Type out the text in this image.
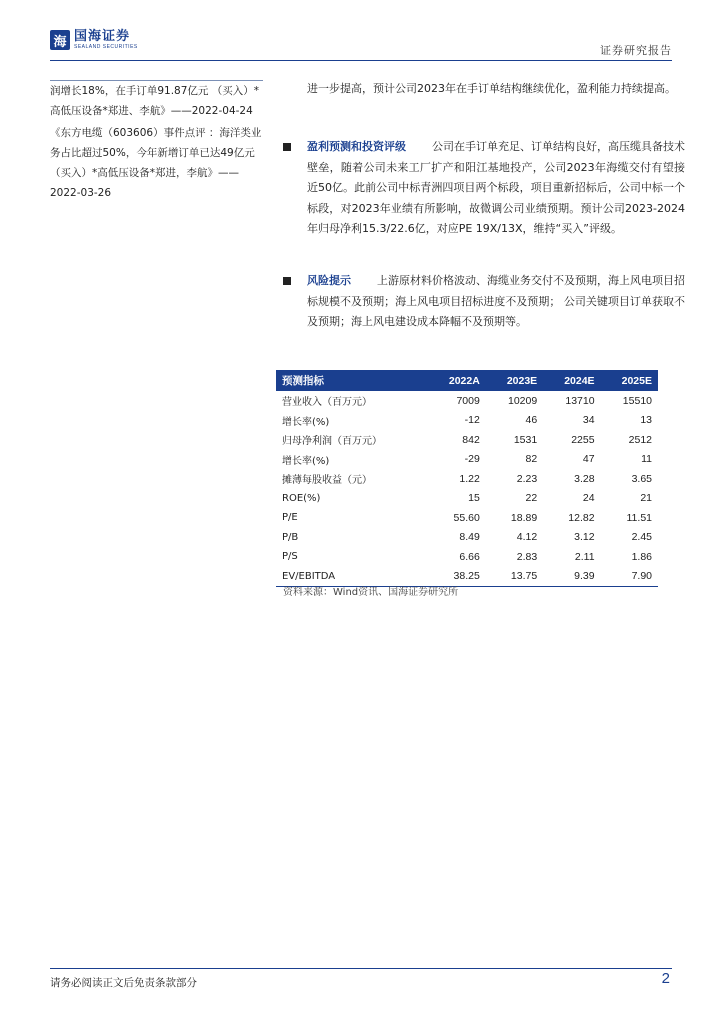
海 国海证券
SEALAND SECURITIES	证券研究报告
润增长18%，在手订单91.87亿元 （买入）*高低压设备*郑进、李航》——2022-04-24
《东方电缆（603606）事件点评 ：海洋类业务占比超过50%，今年新增订单已达49亿元 （买入）*高低压设备*郑进，李航》——2022-03-26
进一步提高，预计公司2023年在手订单结构继续优化，盈利能力持续提高。
盈利预测和投资评级 公司在手订单充足、订单结构良好，高压缆具备技术壁垒，随着公司未来工厂扩产和阳江基地投产，公司2023年海缆交付有望接近50亿。此前公司中标青洲四项目两个标段，项目重新招标后，公司中标一个标段，对2023年业绩有所影响，故微调公司业绩预期。预计公司2023-2024年归母净利15.3/22.6亿，对应PE 19X/13X，维持“买入”评级。
风险提示 上游原材料价格波动、海缆业务交付不及预期，海上风电项目招标规模不及预期；海上风电项目招标进度不及预期； 公司关键项目订单获取不及预期；海上风电建设成本降幅不及预期等。
预测指标	2022A	2023E	2024E	2025E
营业收入（百万元）	7009	10209	13710	15510
增长率(%)	-12	46	34	13
归母净利润（百万元）	842	1531	2255	2512
增长率(%)	-29	82	47	11
摊薄每股收益（元）	1.22	2.23	3.28	3.65
ROE(%)	15	22	24	21
P/E	55.60	18.89	12.82	11.51
P/B	8.49	4.12	3.12	2.45
P/S	6.66	2.83	2.11	1.86
EV/EBITDA	38.25	13.75	9.39	7.90
资料来源：Wind资讯、国海证券研究所
请务必阅读正文后免责条款部分	2
